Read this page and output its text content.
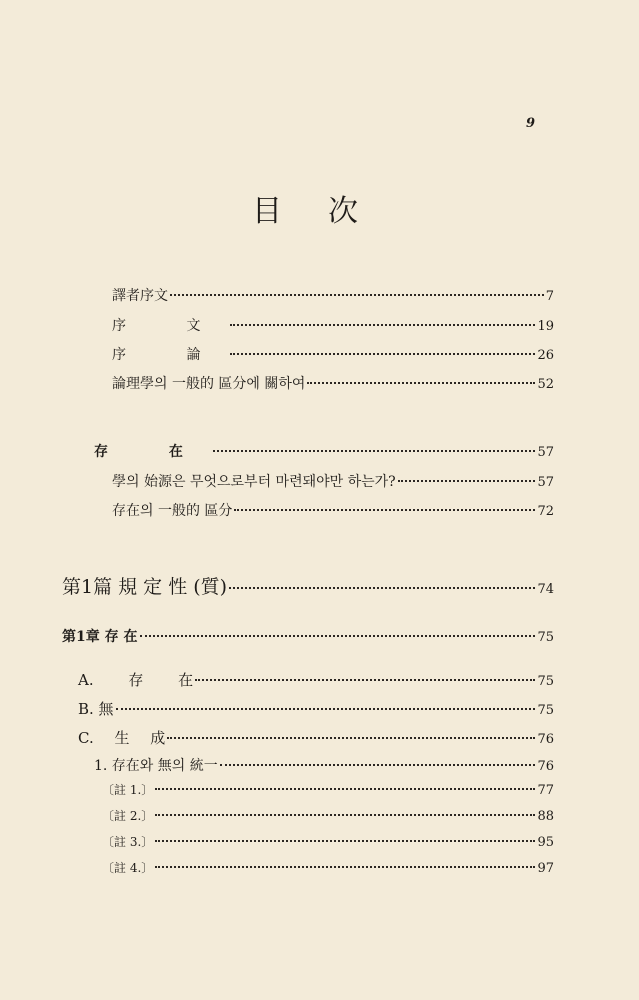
9
目 次
譯者序文	7
序 文	19
序 論	26
論理學의 一般的 區分에 關하여	52
存 在	57
學의 始源은 무엇으로부터 마련돼야만 하는가?	57
存在의 一般的 區分	72
第1篇 規 定 性 (質)	74
第1章 存 在	75
A. 存 在	75
B. 無	75
C. 生 成	76
1. 存在와 無의 統一	76
〔註 1.〕	77
〔註 2.〕	88
〔註 3.〕	95
〔註 4.〕	97
